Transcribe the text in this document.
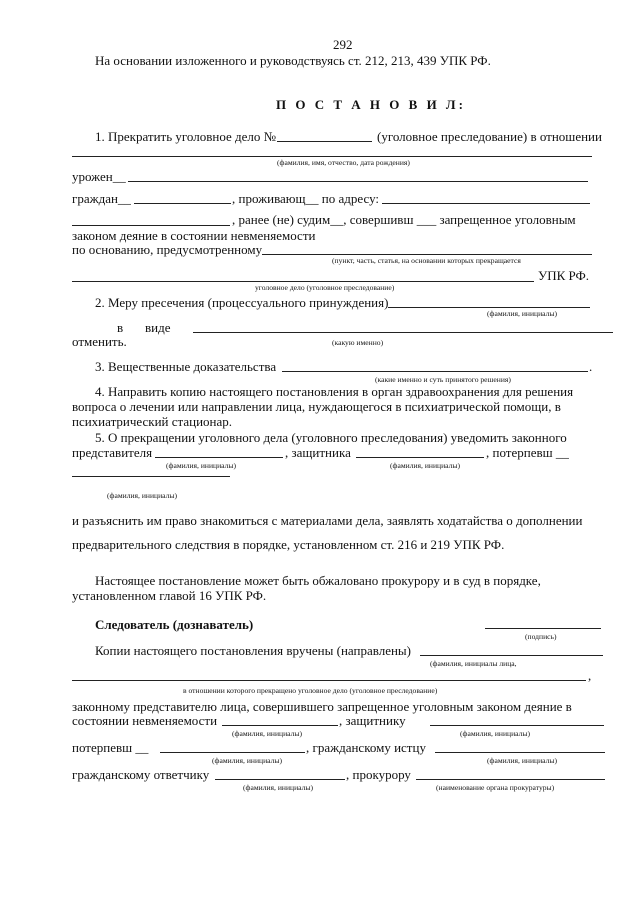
292
На основании изложенного и руководствуясь ст. 212, 213, 439 УПК РФ.
П О С Т А Н О В И Л:
1. Прекратить уголовное дело №	(уголовное преследование) в отношении
(фамилия, имя, отчество, дата рождения)
урожен__
граждан__	, проживающ__ по адресу:
, ранее (не) судим__, совершивш ___ запрещенное уголовным
законом деяние в состоянии невменяемости
по основанию, предусмотренному
(пункт, часть, статья, на основании которых прекращается
УПК РФ.
уголовное дело (уголовное преследование)
2. Меру пресечения (процессуального принуждения)
(фамилия, инициалы)
в виде
отменить.	(какую именно)
3. Вещественные доказательства	.
(какие именно и суть принятого решения)
4. Направить копию настоящего постановления в орган здравоохранения для решения
вопроса о лечении или направлении лица, нуждающегося в психиатрической помощи, в
психиатрический стационар.
5. О прекращении уголовного дела (уголовного преследования) уведомить законного
представителя	, защитника	, потерпевш __
(фамилия, инициалы)	(фамилия, инициалы)
(фамилия, инициалы)
и разъяснить им право знакомиться с материалами дела, заявлять ходатайства о дополнении
предварительного следствия в порядке, установленном ст. 216 и 219 УПК РФ.
Настоящее постановление может быть обжаловано прокурору и в суд в порядке,
установленном главой 16 УПК РФ.
Следователь (дознаватель)
(подпись)
Копии настоящего постановления вручены (направлены)
(фамилия, инициалы лица,
,
в отношении которого прекращено уголовное дело (уголовное преследование)
законному представителю лица, совершившего запрещенное уголовным законом деяние в
состоянии невменяемости	, защитнику
(фамилия, инициалы)	(фамилия, инициалы)
потерпевш __	, гражданскому истцу
(фамилия, инициалы)	(фамилия, инициалы)
гражданскому ответчику	, прокурору
(фамилия, инициалы)	(наименование органа прокуратуры)
